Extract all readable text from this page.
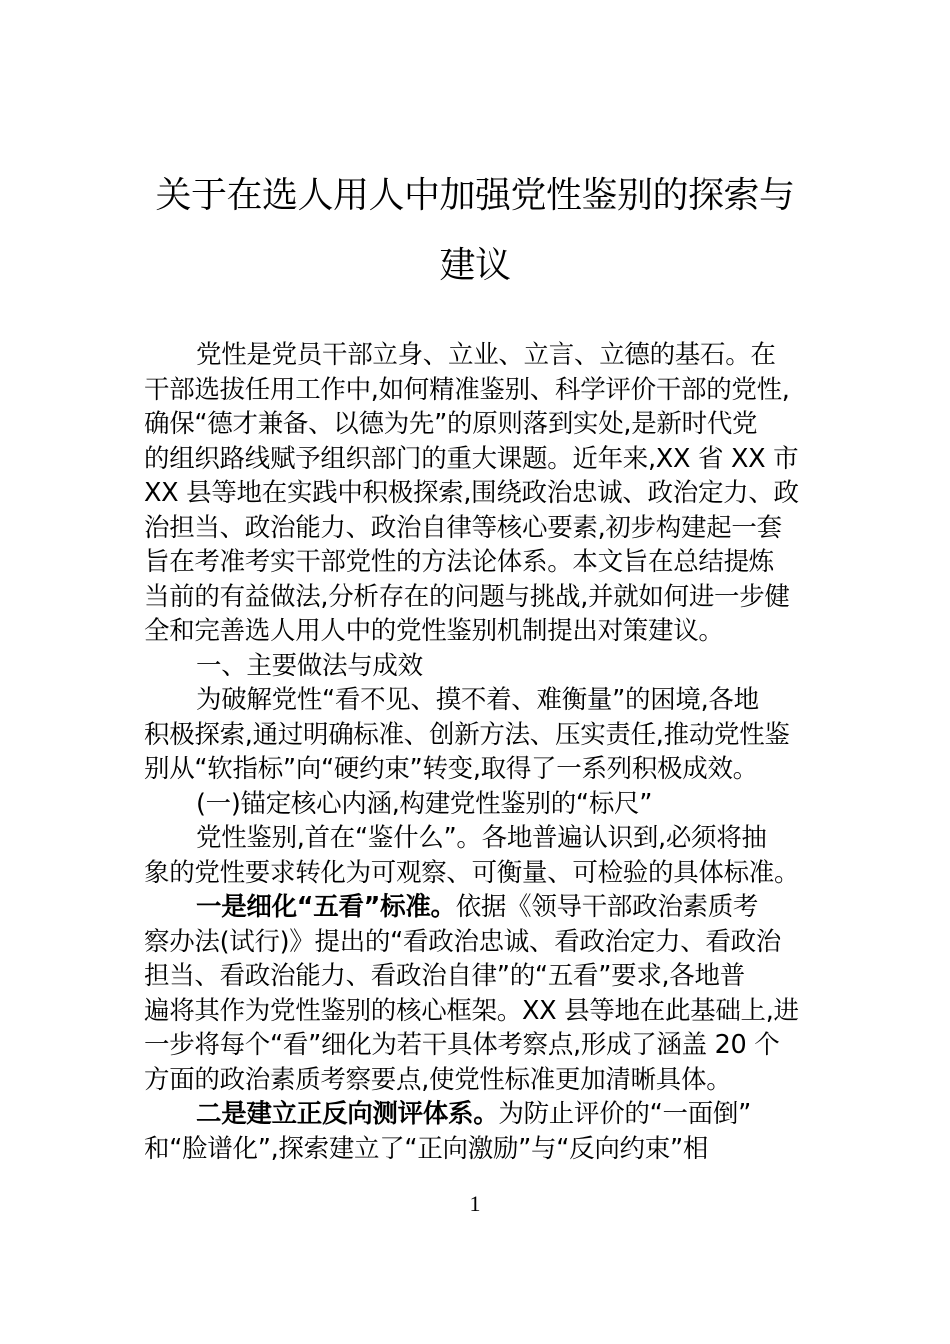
关于在选人用人中加强党性鉴别的探索与
建议
党性是党员干部立身、立业、立言、立德的基石。在
干部选拔任用工作中,如何精准鉴别、科学评价干部的党性,
确保“德才兼备、以德为先”的原则落到实处,是新时代党
的组织路线赋予组织部门的重大课题。近年来,XX 省 XX 市
XX 县等地在实践中积极探索,围绕政治忠诚、政治定力、政
治担当、政治能力、政治自律等核心要素,初步构建起一套
旨在考准考实干部党性的方法论体系。本文旨在总结提炼
当前的有益做法,分析存在的问题与挑战,并就如何进一步健
全和完善选人用人中的党性鉴别机制提出对策建议。
一、主要做法与成效
为破解党性“看不见、摸不着、难衡量”的困境,各地
积极探索,通过明确标准、创新方法、压实责任,推动党性鉴
别从“软指标”向“硬约束”转变,取得了一系列积极成效。
(一)锚定核心内涵,构建党性鉴别的“标尺”
党性鉴别,首在“鉴什么”。各地普遍认识到,必须将抽
象的党性要求转化为可观察、可衡量、可检验的具体标准。
一是细化“五看”标准。依据《领导干部政治素质考
察办法(试行)》提出的“看政治忠诚、看政治定力、看政治
担当、看政治能力、看政治自律”的“五看”要求,各地普
遍将其作为党性鉴别的核心框架。XX 县等地在此基础上,进
一步将每个“看”细化为若干具体考察点,形成了涵盖 20 个
方面的政治素质考察要点,使党性标准更加清晰具体。
二是建立正反向测评体系。为防止评价的“一面倒”
和“脸谱化”,探索建立了“正向激励”与“反向约束”相
1
